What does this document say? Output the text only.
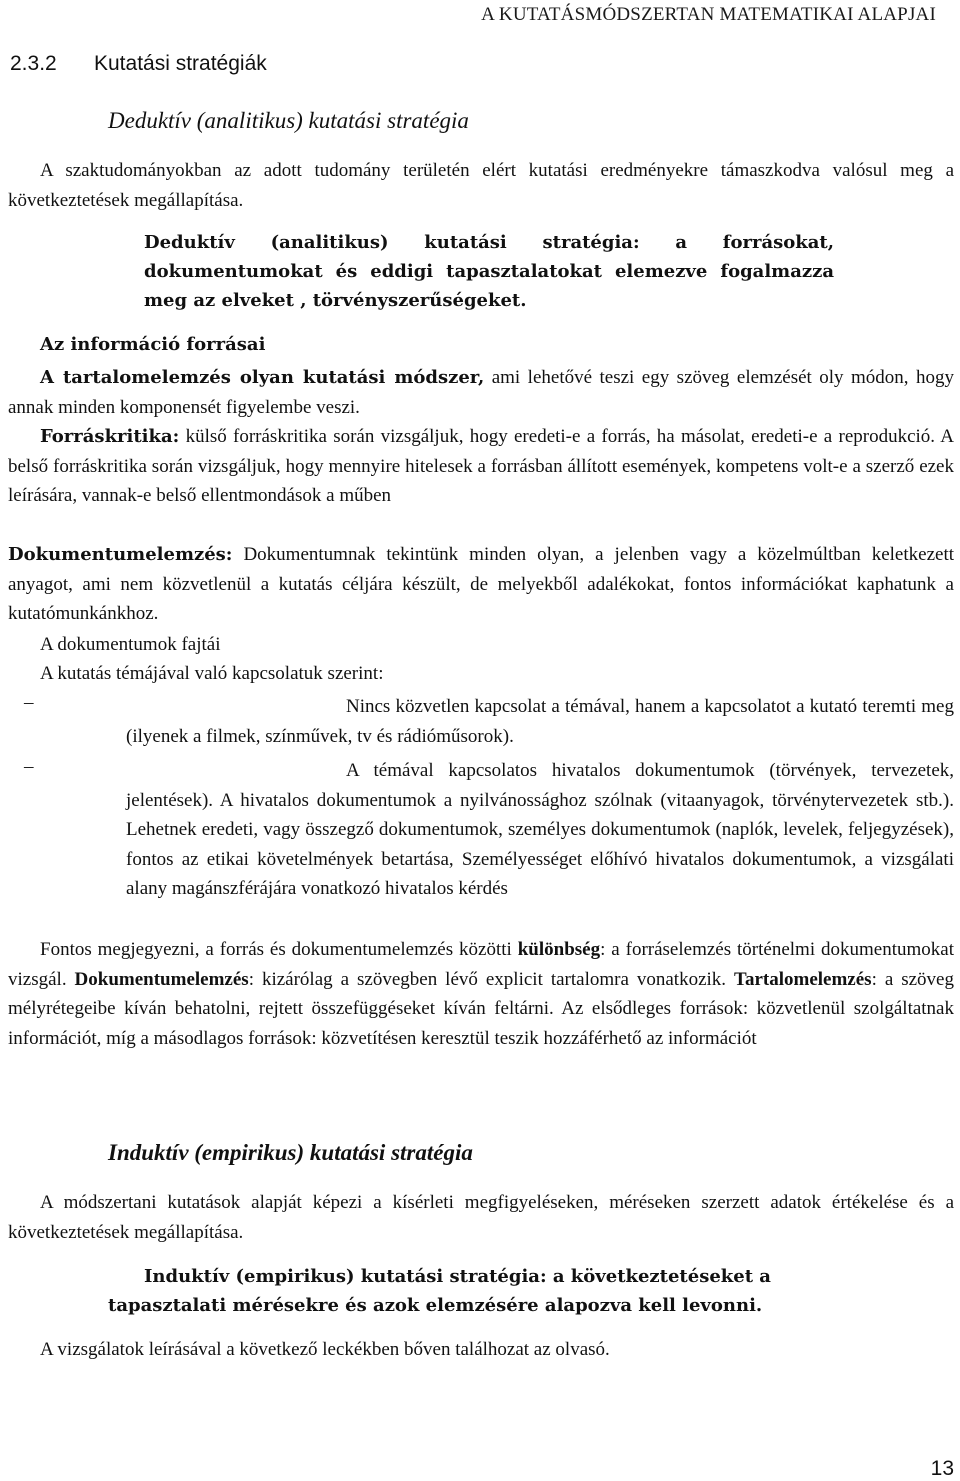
A KUTATÁSMÓDSZERTAN MATEMATIKAI ALAPJAI
2.3.2 Kutatási stratégiák
Deduktív (analitikus) kutatási stratégia
A szaktudományokban az adott tudomány területén elért kutatási eredményekre támaszkodva valósul meg a következtetések megállapítása.
Deduktív (analitikus) kutatási stratégia: a forrásokat, dokumentumokat és eddigi tapasztalatokat elemezve fogalmazza meg az elveket , törvényszerűségeket.
Az információ forrásai
A tartalomelemzés olyan kutatási módszer, ami lehetővé teszi egy szöveg elemzését oly módon, hogy annak minden komponensét figyelembe veszi.
Forráskritika: külső forráskritika során vizsgáljuk, hogy eredeti-e a forrás, ha másolat, eredeti-e a reprodukció. A belső forráskritika során vizsgáljuk, hogy mennyire hitelesek a forrásban állított események, kompetens volt-e a szerző ezek leírására, vannak-e belső ellentmondások a műben
Dokumentumelemzés: Dokumentumnak tekintünk minden olyan, a jelenben vagy a közelmúltban keletkezett anyagot, ami nem közvetlenül a kutatás céljára készült, de melyekből adalékokat, fontos információkat kaphatunk a kutatómunkánkhoz.
A dokumentumok fajtái
A kutatás témájával való kapcsolatuk szerint:
–	Nincs közvetlen kapcsolat a témával, hanem a kapcsolatot a kutató teremti meg (ilyenek a filmek, színművek, tv és rádióműsorok).
–	A témával kapcsolatos hivatalos dokumentumok (törvények, tervezetek, jelentések). A hivatalos dokumentumok a nyilvánossághoz szólnak (vitaanyagok, törvénytervezetek stb.). Lehetnek eredeti, vagy összegző dokumentumok, személyes dokumentumok (naplók, levelek, feljegyzések), fontos az etikai követelmények betartása, Személyességet előhívó hivatalos dokumentumok, a vizsgálati alany magánszférájára vonatkozó hivatalos kérdés
Fontos megjegyezni, a forrás és dokumentumelemzés közötti különbség: a forráselemzés történelmi dokumentumokat vizsgál. Dokumentumelemzés: kizárólag a szövegben lévő explicit tartalomra vonatkozik. Tartalomelemzés: a szöveg mélyrétegeibe kíván behatolni, rejtett összefüggéseket kíván feltárni. Az elsődleges források: közvetlenül szolgáltatnak információt, míg a másodlagos források: közvetítésen keresztül teszik hozzáférhető az információt
Induktív (empirikus) kutatási stratégia
A módszertani kutatások alapját képezi a kísérleti megfigyeléseken, méréseken szerzett adatok értékelése és a következtetések megállapítása.
Induktív (empirikus) kutatási stratégia: a következtetéseket a
tapasztalati mérésekre és azok elemzésére alapozva kell levonni.
A vizsgálatok leírásával a következő leckékben bőven találhozat az olvasó.
13
